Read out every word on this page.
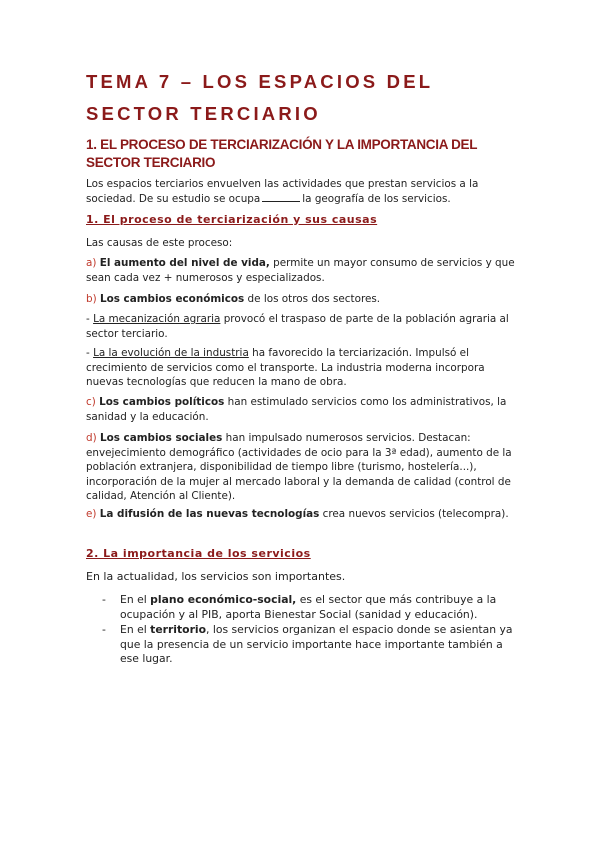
TEMA 7 – LOS ESPACIOS DEL SECTOR TERCIARIO
1. EL PROCESO DE TERCIARIZACIÓN Y LA IMPORTANCIA DEL SECTOR TERCIARIO
Los espacios terciarios envuelven las actividades que prestan servicios a la
sociedad. De su estudio se ocupa	la geografía de los servicios.
1. El proceso de terciarización y sus causas
Las causas de este proceso:
a) El aumento del nivel de vida, permite un mayor consumo de servicios y que sean cada vez + numerosos y especializados.
b) Los cambios económicos de los otros dos sectores.
- La mecanización agraria provocó el traspaso de parte de la población agraria al sector terciario.
- La la evolución de la industria ha favorecido la terciarización. Impulsó el crecimiento de servicios como el transporte. La industria moderna incorpora nuevas tecnologías que reducen la mano de obra.
c) Los cambios políticos han estimulado servicios como los administrativos, la sanidad y la educación.
d) Los cambios sociales han impulsado numerosos servicios. Destacan: envejecimiento demográfico (actividades de ocio para la 3ª edad), aumento de la población extranjera, disponibilidad de tiempo libre (turismo, hostelería...), incorporación de la mujer al mercado laboral y la demanda de calidad (control de calidad, Atención al Cliente).
e) La difusión de las nuevas tecnologías crea nuevos servicios (telecompra).
2. La importancia de los servicios
En la actualidad, los servicios son importantes.
- En el plano económico-social, es el sector que más contribuye a la ocupación y al PIB, aporta Bienestar Social (sanidad y educación).
- En el territorio, los servicios organizan el espacio donde se asientan ya que la presencia de un servicio importante hace importante también a ese lugar.
